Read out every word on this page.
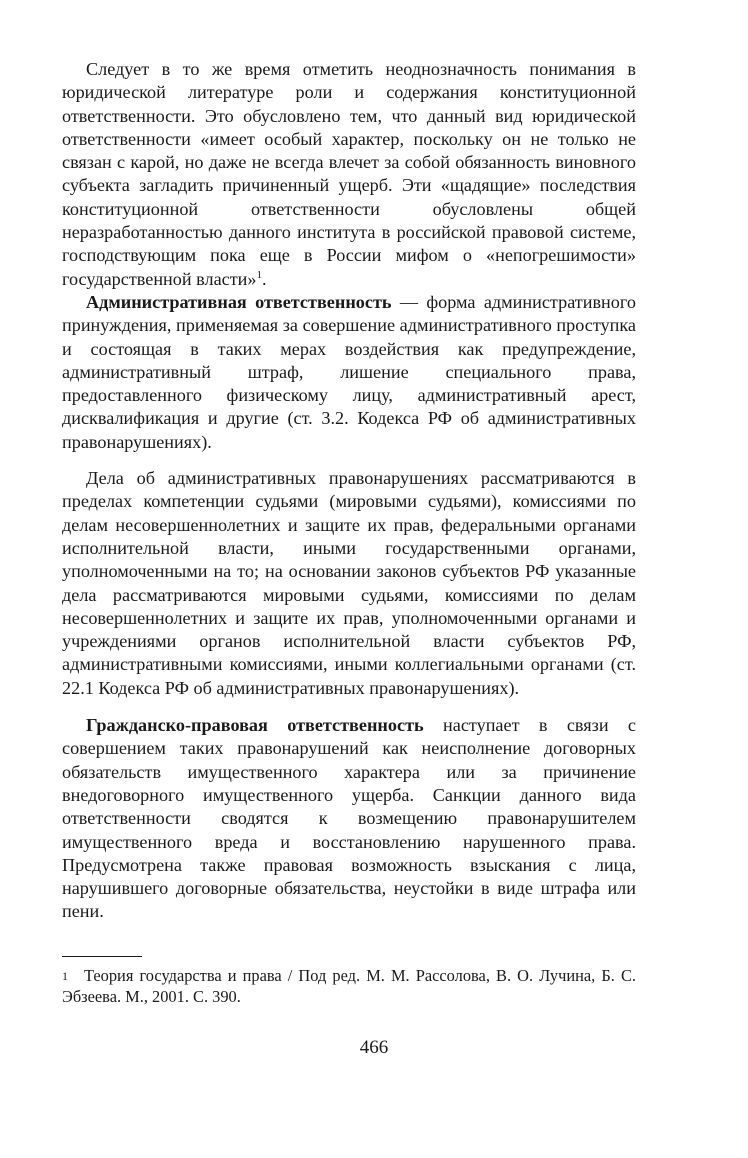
Следует в то же время отметить неоднозначность понимания в юридической литературе роли и содержания конституционной ответственности. Это обусловлено тем, что данный вид юридической ответственности «имеет особый характер, поскольку он не только не связан с карой, но даже не всегда влечет за собой обязанность виновного субъекта загладить причиненный ущерб. Эти «щадящие» последствия конституционной ответственности обусловлены общей неразработанностью данного института в российской правовой системе, господствующим пока еще в России мифом о «непогрешимости» государственной власти»$^1$.

Административная ответственность — форма административного принуждения, применяемая за совершение административного проступка и состоящая в таких мерах воздействия как предупреждение, административный штраф, лишение специального права, предоставленного физическому лицу, административный арест, дисквалификация и другие (ст. 3.2. Кодекса РФ об административных правонарушениях).

Дела об административных правонарушениях рассматриваются в пределах компетенции судьями (мировыми судьями), комиссиями по делам несовершеннолетних и защите их прав, федеральными органами исполнительной власти, иными государственными органами, уполномоченными на то; на основании законов субъектов РФ указанные дела рассматриваются мировыми судьями, комиссиями по делам несовершеннолетних и защите их прав, уполномоченными органами и учреждениями органов исполнительной власти субъектов РФ, административными комиссиями, иными коллегиальными органами (ст. 22.1 Кодекса РФ об административных правонарушениях).

Гражданско-правовая ответственность наступает в связи с совершением таких правонарушений как неисполнение договорных обязательств имущественного характера или за причинение внедоговорного имущественного ущерба. Санкции данного вида ответственности сводятся к возмещению правонарушителем имущественного вреда и восстановлению нарушенного права. Предусмотрена также правовая возможность взыскания с лица, нарушившего договорные обязательства, неустойки в виде штрафа или пени.

1 Теория государства и права / Под ред. М. М. Рассолова, В. О. Лучина, Б. С. Эбзеева. М., 2001. С. 390.

466
